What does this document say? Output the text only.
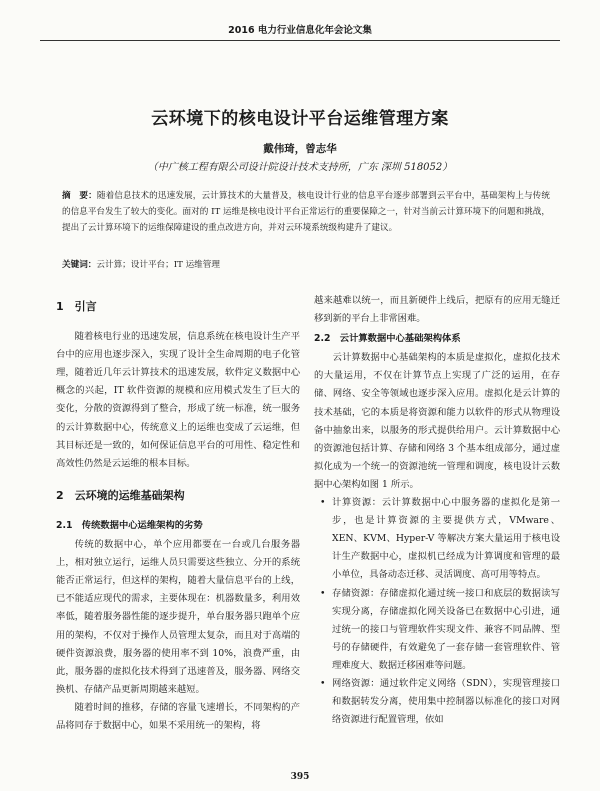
2016 电力行业信息化年会论文集
云环境下的核电设计平台运维管理方案
戴伟琦，曾志华
（中广核工程有限公司设计院设计技术支持所，广东 深圳 518052）
摘　要：随着信息技术的迅速发展，云计算技术的大量普及，核电设计行业的信息平台逐步部署到云平台中，基础架构上与传统的信息平台发生了较大的变化。面对的 IT 运维是核电设计平台正常运行的重要保障之一，针对当前云计算环境下的问题和挑战，提出了云计算环境下的运维保障建设的重点改进方向，并对云环境系统级构建升了建议。
关键词：云计算；设计平台；IT 运维管理
1　引言

随着核电行业的迅速发展，信息系统在核电设计生产平台中的应用也逐步深入，实现了设计全生命周期的电子化管理，随着近几年云计算技术的迅速发展，软件定义数据中心概念的兴起，IT 软件资源的规模和应用模式发生了巨大的变化，分散的资源得到了整合，形成了统一标准，统一服务的云计算数据中心，传统意义上的运维也变成了云运维，但其目标还是一致的，如何保证信息平台的可用性、稳定性和高效性仍然是云运维的根本目标。

2　云环境的运维基础架构
2.1　传统数据中心运维架构的劣势

传统的数据中心，单个应用都要在一台或几台服务器上，相对独立运行，运维人员只需要这些独立、分开的系统能否正常运行，但这样的架构，随着大量信息平台的上线，已不能适应现代的需求，主要体现在：机器数量多，利用效率低，随着服务器性能的逐步提升，单台服务器只跑单个应用的架构，不仅对于操作人员管理太复杂，而且对于高端的硬件资源浪费，服务器的使用率不到 10%，浪费严重，由此，服务器的虚拟化技术得到了迅速普及，服务器、网络交换机、存储产品更新周期越来越短。

随着时间的推移，存储的容量飞速增长，不同架构的产品将同存于数据中心，如果不采用统一的架构，将

越来越难以统一，而且新硬件上线后，把原有的应用无缝迁移到新的平台上非常困难。

2.2　云计算数据中心基础架构体系

云计算数据中心基础架构的本质是虚拟化，虚拟化技术的大量运用，不仅在计算节点上实现了广泛的运用，在存储、网络、安全等领域也逐步深入应用。虚拟化是云计算的技术基础，它的本质是将资源和能力以软件的形式从物理设备中抽象出来，以服务的形式提供给用户。云计算数据中心的资源池包括计算、存储和网络 3 个基本组成部分，通过虚拟化成为一个统一的资源池统一管理和调度，核电设计云数据中心架构如图 1 所示。

• 计算资源：云计算数据中心中服务器的虚拟化是第一步，也是计算资源的主要提供方式，VMware、XEN、KVM、Hyper-V 等解决方案大量运用于核电设计生产数据中心，虚拟机已经成为计算调度和管理的最小单位，具备动态迁移、灵活调度、高可用等特点。
• 存储资源：存储虚拟化通过统一接口和底层的数据读写实现分离，存储虚拟化网关设备已在数据中心引进，通过统一的接口与管理软件实现文件、兼容不同品牌、型号的存储硬件，有效避免了一套存储一套管理软件、管理难度大、数据迁移困难等问题。
• 网络资源：通过软件定义网络（SDN），实现管理接口和数据转发分离，使用集中控制器以标准化的接口对网络资源进行配置管理，依如
395
